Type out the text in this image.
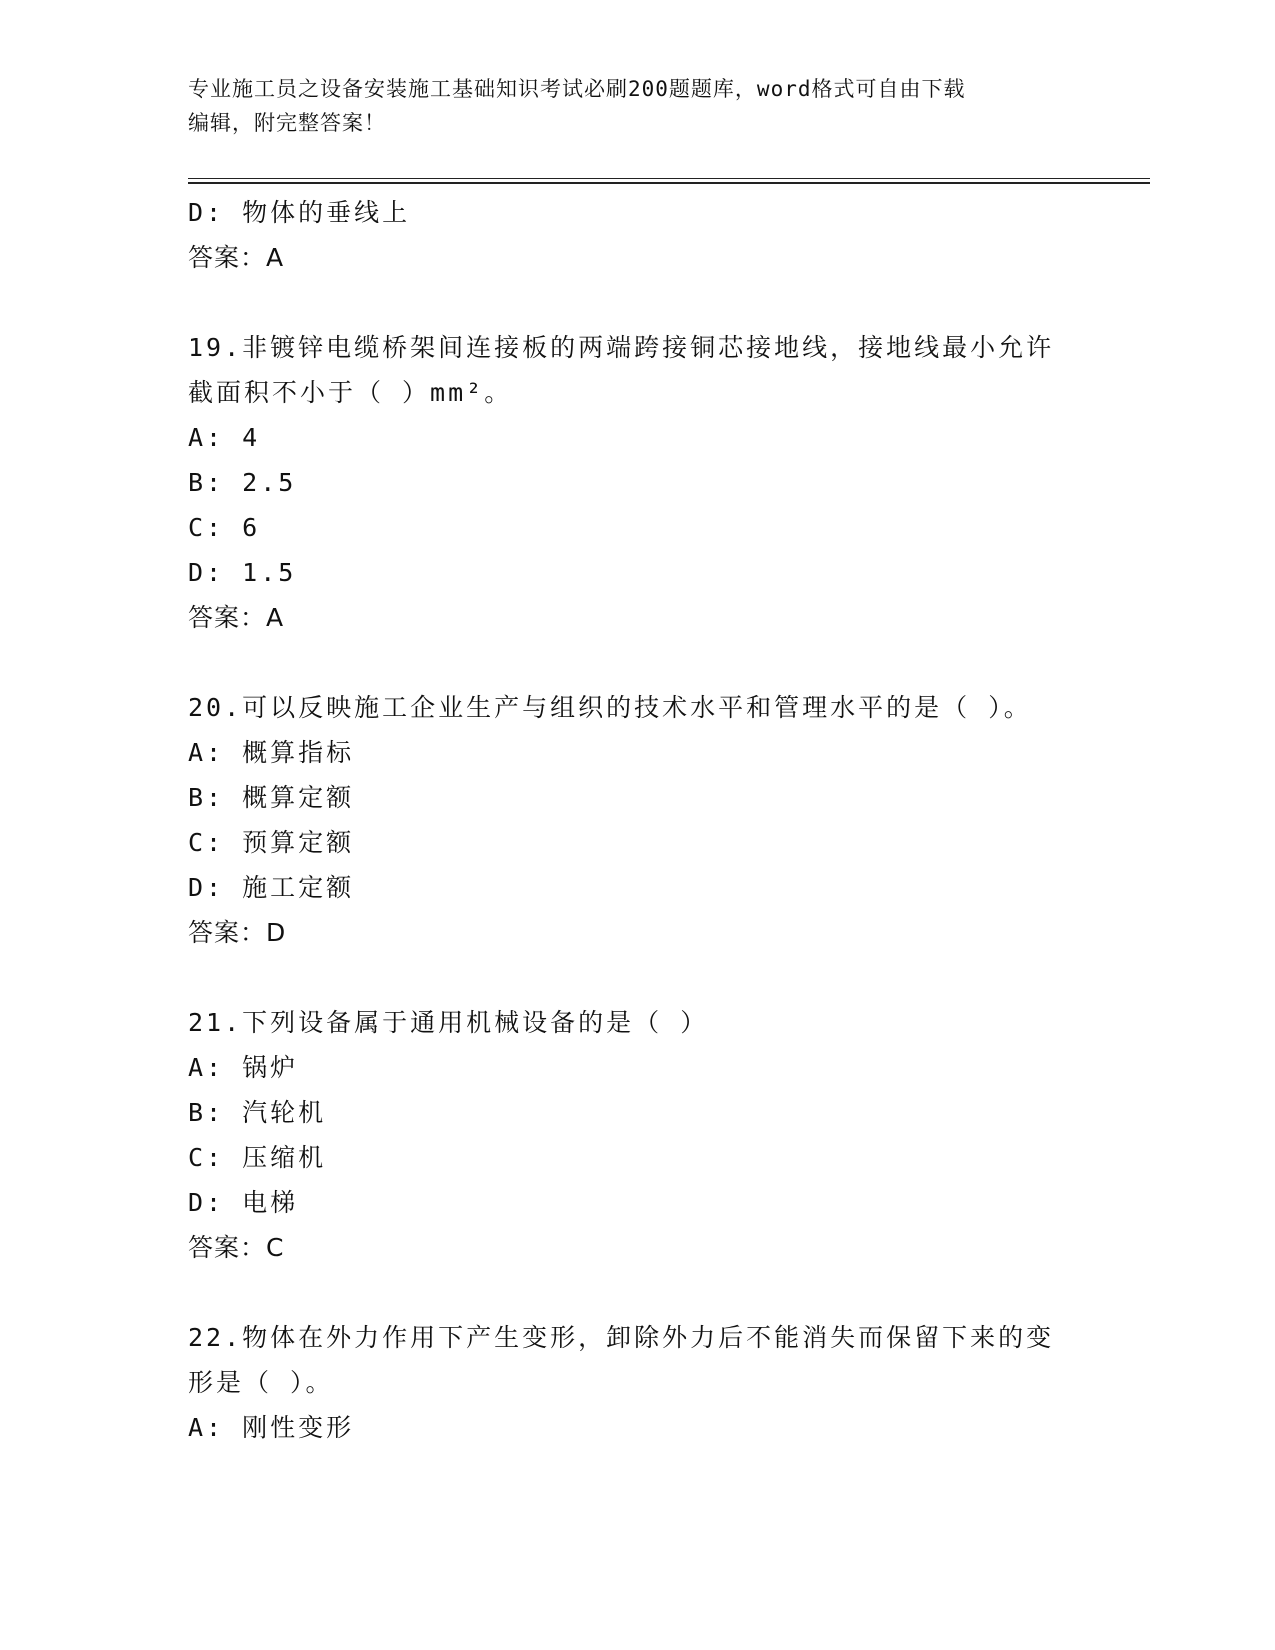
专业施工员之设备安装施工基础知识考试必刷200题题库，word格式可自由下载
编辑，附完整答案！
D: 物体的垂线上
答案：A
19.非镀锌电缆桥架间连接板的两端跨接铜芯接地线，接地线最小允许
截面积不小于（ ）mm²。
A: 4
B: 2.5
C: 6
D: 1.5
答案：A
20.可以反映施工企业生产与组织的技术水平和管理水平的是（ ）。
A: 概算指标
B: 概算定额
C: 预算定额
D: 施工定额
答案：D
21.下列设备属于通用机械设备的是（ ）
A: 锅炉
B: 汽轮机
C: 压缩机
D: 电梯
答案：C
22.物体在外力作用下产生变形，卸除外力后不能消失而保留下来的变
形是（ ）。
A: 刚性变形
